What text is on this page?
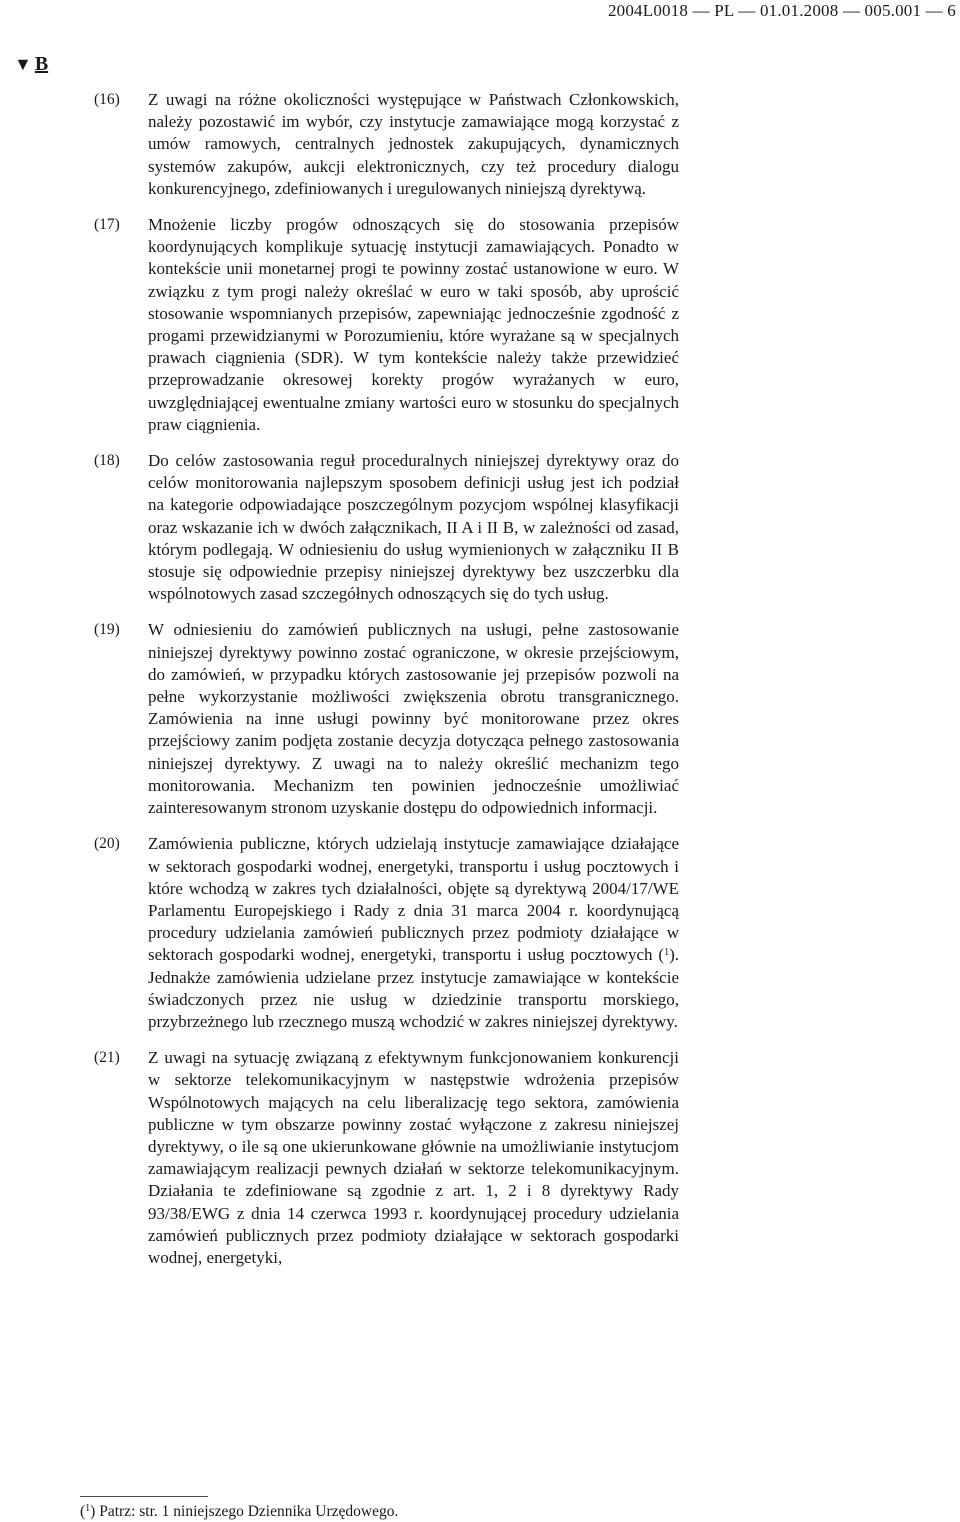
2004L0018 — PL — 01.01.2008 — 005.001 — 6
▼ B
(16) Z uwagi na różne okoliczności występujące w Państwach Członkowskich, należy pozostawić im wybór, czy instytucje zamawiające mogą korzystać z umów ramowych, centralnych jednostek zakupujących, dynamicznych systemów zakupów, aukcji elektronicznych, czy też procedury dialogu konkurencyjnego, zdefiniowanych i uregulowanych niniejszą dyrektywą.
(17) Mnożenie liczby progów odnoszących się do stosowania przepisów koordynujących komplikuje sytuację instytucji zamawiających. Ponadto w kontekście unii monetarnej progi te powinny zostać ustanowione w euro. W związku z tym progi należy określać w euro w taki sposób, aby uprościć stosowanie wspomnianych przepisów, zapewniając jednocześnie zgodność z progami przewidzianymi w Porozumieniu, które wyrażane są w specjalnych prawach ciągnienia (SDR). W tym kontekście należy także przewidzieć przeprowadzanie okresowej korekty progów wyrażanych w euro, uwzględniającej ewentualne zmiany wartości euro w stosunku do specjalnych praw ciągnienia.
(18) Do celów zastosowania reguł proceduralnych niniejszej dyrektywy oraz do celów monitorowania najlepszym sposobem definicji usług jest ich podział na kategorie odpowiadające poszczególnym pozycjom wspólnej klasyfikacji oraz wskazanie ich w dwóch załącznikach, II A i II B, w zależności od zasad, którym podlegają. W odniesieniu do usług wymienionych w załączniku II B stosuje się odpowiednie przepisy niniejszej dyrektywy bez uszczerbku dla wspólnotowych zasad szczegółnych odnoszących się do tych usług.
(19) W odniesieniu do zamówień publicznych na usługi, pełne zastosowanie niniejszej dyrektywy powinno zostać ograniczone, w okresie przejściowym, do zamówień, w przypadku których zastosowanie jej przepisów pozwoli na pełne wykorzystanie możliwości zwiększenia obrotu transgranicznego. Zamówienia na inne usługi powinny być monitorowane przez okres przejściowy zanim podjęta zostanie decyzja dotycząca pełnego zastosowania niniejszej dyrektywy. Z uwagi na to należy określić mechanizm tego monitorowania. Mechanizm ten powinien jednocześnie umożliwiać zainteresowanym stronom uzyskanie dostępu do odpowiednich informacji.
(20) Zamówienia publiczne, których udzielają instytucje zamawiające działające w sektorach gospodarki wodnej, energetyki, transportu i usług pocztowych i które wchodzą w zakres tych działalności, objęte są dyrektywą 2004/17/WE Parlamentu Europejskiego i Rady z dnia 31 marca 2004 r. koordynującą procedury udzielania zamówień publicznych przez podmioty działające w sektorach gospodarki wodnej, energetyki, transportu i usług pocztowych ($^1$). Jednakże zamówienia udzielane przez instytucje zamawiające w kontekście świadczonych przez nie usług w dziedzinie transportu morskiego, przybrzeżnego lub rzecznego muszą wchodzić w zakres niniejszej dyrektywy.
(21) Z uwagi na sytuację związaną z efektywnym funkcjonowaniem konkurencji w sektorze telekomunikacyjnym w następstwie wdrożenia przepisów Wspólnotowych mających na celu liberalizację tego sektora, zamówienia publiczne w tym obszarze powinny zostać wyłączone z zakresu niniejszej dyrektywy, o ile są one ukierunkowane głównie na umożliwianie instytucjom zamawiającym realizacji pewnych działań w sektorze telekomunikacyjnym. Działania te zdefiniowane są zgodnie z art. 1, 2 i 8 dyrektywy Rady 93/38/EWG z dnia 14 czerwca 1993 r. koordynującej procedury udzielania zamówień publicznych przez podmioty działające w sektorach gospodarki wodnej, energetyki,
($^1$) Patrz: str. 1 niniejszego Dziennika Urzędowego.
